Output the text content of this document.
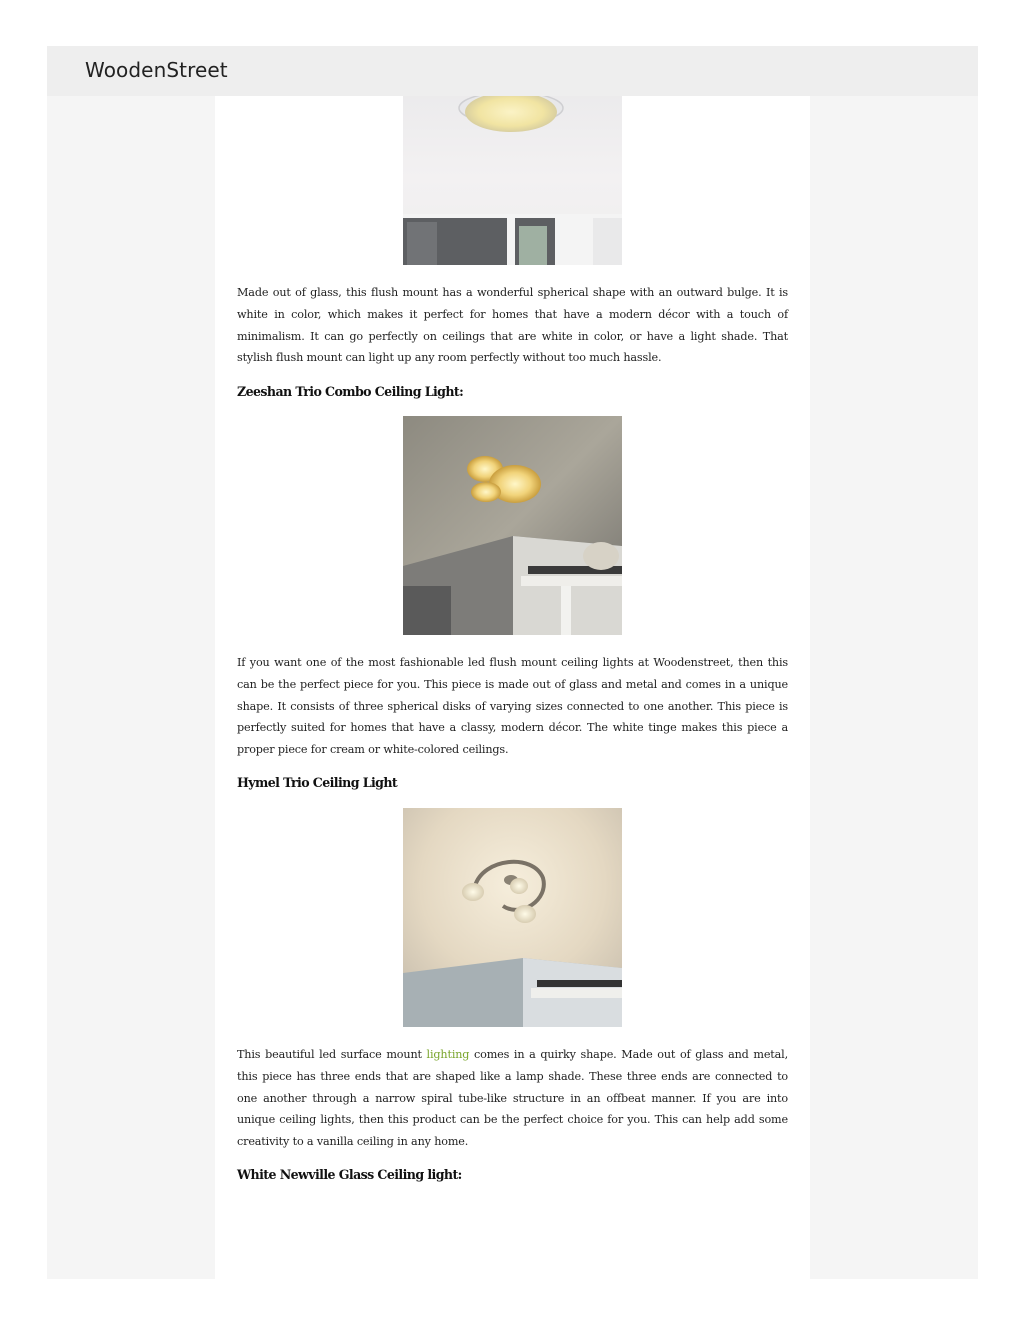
WoodenStreet

Made out of glass, this flush mount has a wonderful spherical shape with an outward bulge. It is white in color, which makes it perfect for homes that have a modern décor with a touch of minimalism. It can go perfectly on ceilings that are white in color, or have a light shade. That stylish flush mount can light up any room perfectly without too much hassle.

Zeeshan Trio Combo Ceiling Light:

If you want one of the most fashionable led flush mount ceiling lights at Woodenstreet, then this can be the perfect piece for you. This piece is made out of glass and metal and comes in a unique shape. It consists of three spherical disks of varying sizes connected to one another. This piece is perfectly suited for homes that have a classy, modern décor. The white tinge makes this piece a proper piece for cream or white-colored ceilings.

Hymel Trio Ceiling Light

This beautiful led surface mount lighting comes in a quirky shape. Made out of glass and metal, this piece has three ends that are shaped like a lamp shade. These three ends are connected to one another through a narrow spiral tube-like structure in an offbeat manner. If you are into unique ceiling lights, then this product can be the perfect choice for you. This can help add some creativity to a vanilla ceiling in any home.

White Newville Glass Ceiling light:
